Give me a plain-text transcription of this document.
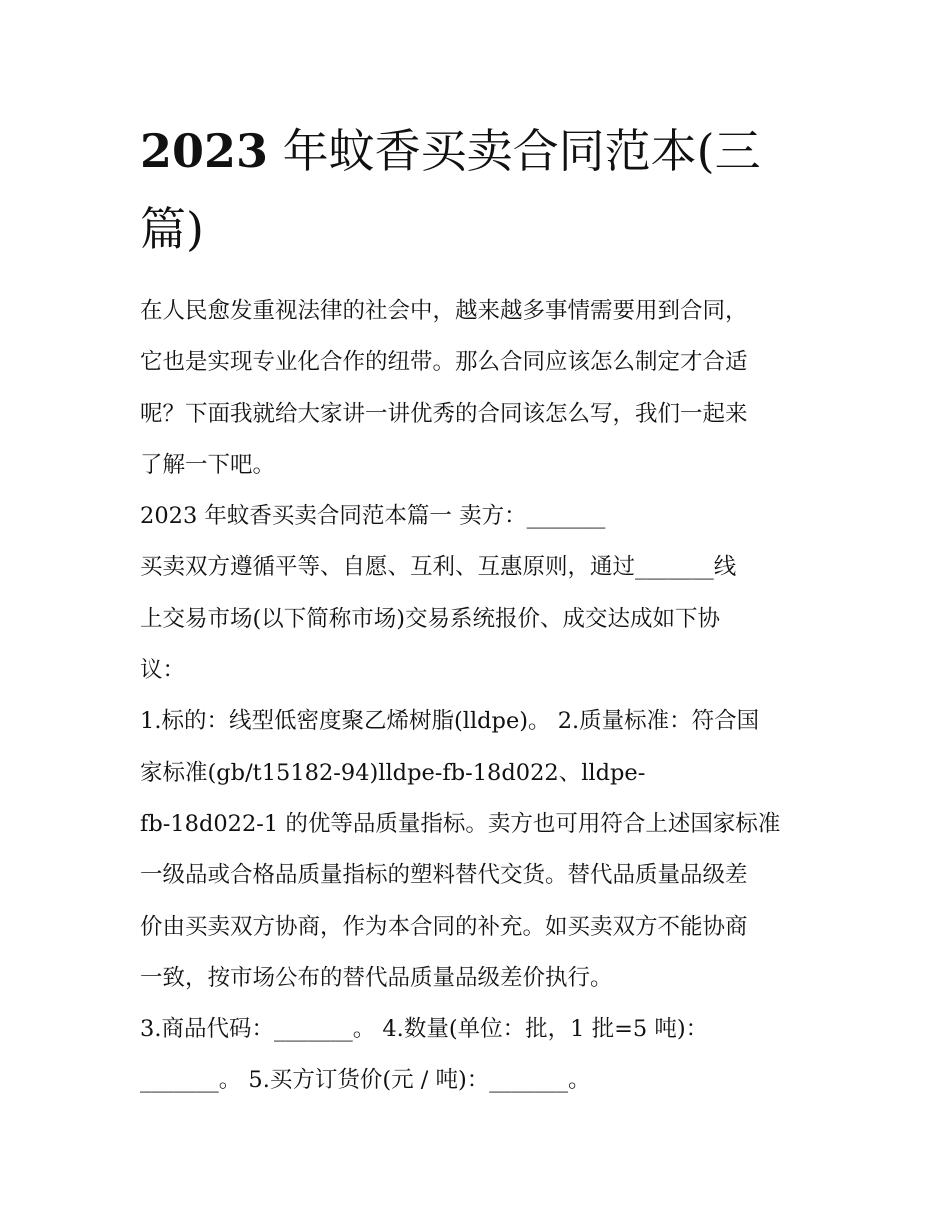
2023 年蚊香买卖合同范本(三
篇)

在人民愈发重视法律的社会中，越来越多事情需要用到合同，
它也是实现专业化合作的纽带。那么合同应该怎么制定才合适
呢？下面我就给大家讲一讲优秀的合同该怎么写，我们一起来
了解一下吧。

2023 年蚊香买卖合同范本篇一 卖方：_______
买卖双方遵循平等、自愿、互利、互惠原则，通过_______线
上交易市场(以下简称市场)交易系统报价、成交达成如下协
议：
1.标的：线型低密度聚乙烯树脂(lldpe)。 2.质量标准：符合国
家标准(gb/t15182-94)lldpe-fb-18d022、lldpe-
fb-18d022-1 的优等品质量指标。卖方也可用符合上述国家标准
一级品或合格品质量指标的塑料替代交货。替代品质量品级差
价由买卖双方协商，作为本合同的补充。如买卖双方不能协商
一致，按市场公布的替代品质量品级差价执行。
3.商品代码：_______。 4.数量(单位：批，1 批=5 吨)：
_______。 5.买方订货价(元 / 吨)：_______。
